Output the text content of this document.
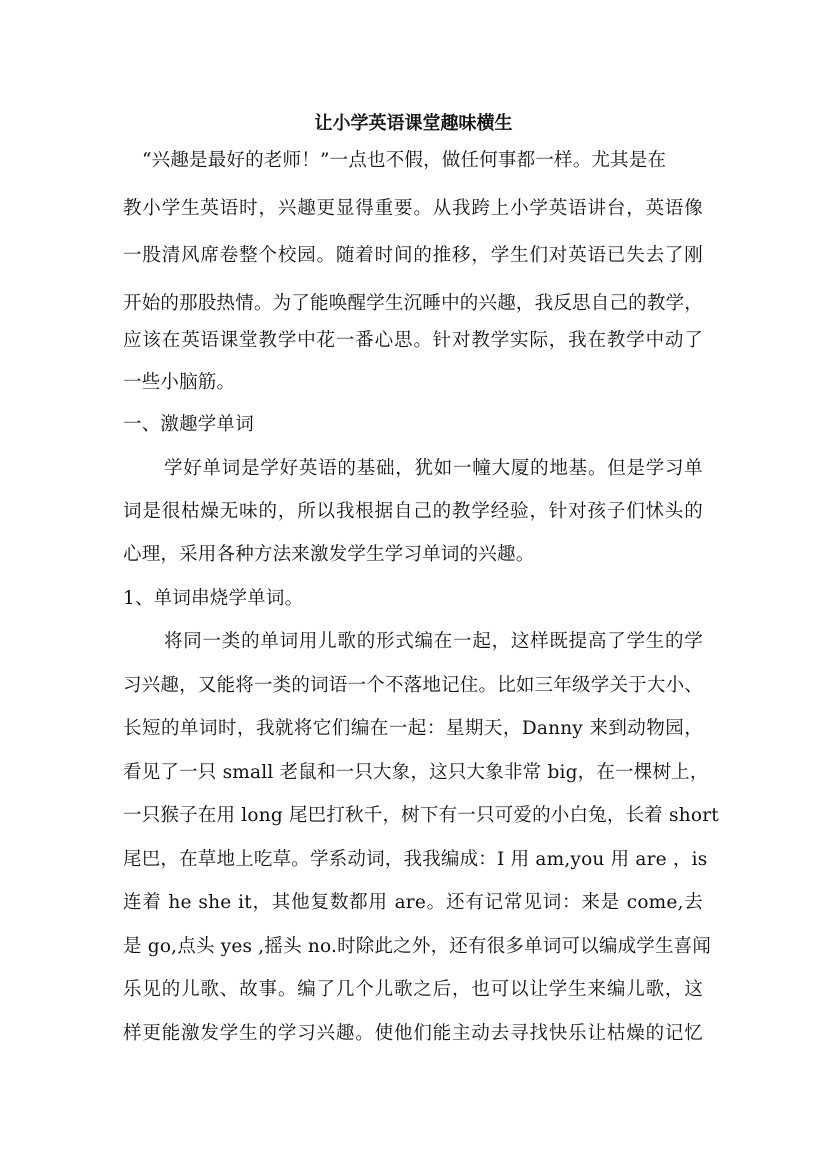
让小学英语课堂趣味横生

“兴趣是最好的老师！”一点也不假，做任何事都一样。尤其是在

教小学生英语时，兴趣更显得重要。从我跨上小学英语讲台，英语像

一股清风席卷整个校园。随着时间的推移，学生们对英语已失去了刚

开始的那股热情。为了能唤醒学生沉睡中的兴趣，我反思自己的教学，

应该在英语课堂教学中花一番心思。针对教学实际，我在教学中动了

一些小脑筋。

一、激趣学单词

学好单词是学好英语的基础，犹如一幢大厦的地基。但是学习单

词是很枯燥无味的，所以我根据自己的教学经验，针对孩子们怵头的

心理，采用各种方法来激发学生学习单词的兴趣。

1、单词串烧学单词。

将同一类的单词用儿歌的形式编在一起，这样既提高了学生的学

习兴趣，又能将一类的词语一个不落地记住。比如三年级学关于大小、

长短的单词时，我就将它们编在一起：星期天，Danny 来到动物园，

看见了一只 small 老鼠和一只大象，这只大象非常 big，在一棵树上，

一只猴子在用 long 尾巴打秋千，树下有一只可爱的小白兔，长着 short

尾巴，在草地上吃草。学系动词，我我编成：I 用 am,you 用 are ，is

连着 he she it，其他复数都用 are。还有记常见词：来是 come,去

是 go,点头 yes ,摇头 no.时除此之外，还有很多单词可以编成学生喜闻

乐见的儿歌、故事。编了几个儿歌之后，也可以让学生来编儿歌，这

样更能激发学生的学习兴趣。使他们能主动去寻找快乐让枯燥的记忆
